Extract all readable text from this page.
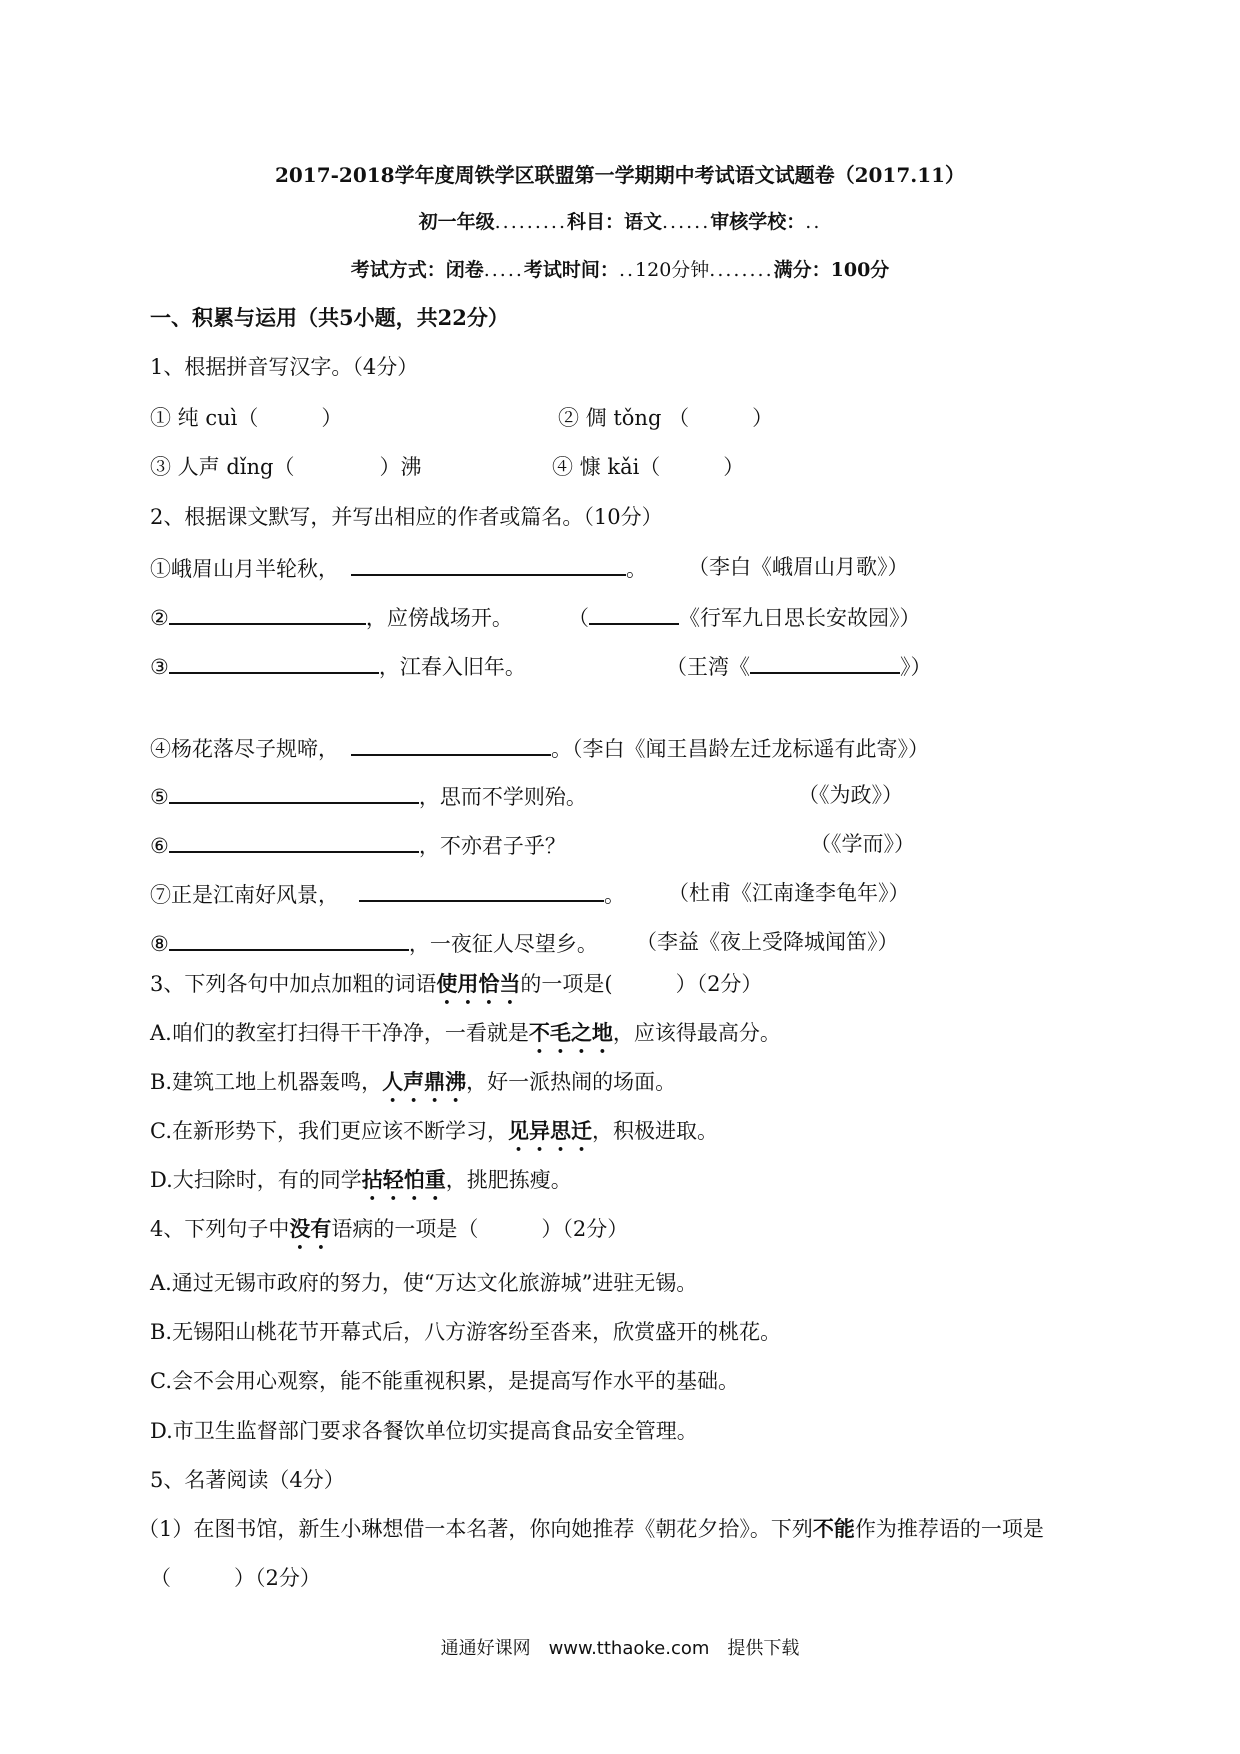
2017-2018学年度周铁学区联盟第一学期期中考试语文试题卷（2017.11）
初一年级.........科目：语文......审核学校：..
考试方式：闭卷.....考试时间：..120分钟........满分：100分
一、积累与运用（共5小题，共22分）
1、根据拼音写汉字。（4分）
① 纯 cuì（　　　）	② 倜 tǒng （　　　）
③ 人声 dǐng（　　　）沸	④ 慷 kǎi（　　　）
2、根据课文默写，并写出相应的作者或篇名。（10分）
①峨眉山月半轮秋，	。 （李白《峨眉山月歌》）
②	，应傍战场开。	（	《行军九日思长安故园》）
③	，江春入旧年。	（王湾《	》）
④杨花落尽子规啼，	。（李白《闻王昌龄左迁龙标遥有此寄》）
⑤	，思而不学则殆。	（《为政》）
⑥	，不亦君子乎？	（《学而》）
⑦正是江南好风景，	。 （杜甫《江南逢李龟年》）
⑧	，一夜征人尽望乡。 （李益《夜上受降城闻笛》）
3、下列各句中加点加粗的词语使用恰当的一项是(　　　）（2分）
A.咱们的教室打扫得干干净净，一看就是不毛之地，应该得最高分。
B.建筑工地上机器轰鸣，人声鼎沸，好一派热闹的场面。
C.在新形势下，我们更应该不断学习，见异思迁，积极进取。
D.大扫除时，有的同学拈轻怕重，挑肥拣瘦。
4、下列句子中没有语病的一项是（　　　）（2分）
A.通过无锡市政府的努力，使“万达文化旅游城”进驻无锡。
B.无锡阳山桃花节开幕式后，八方游客纷至沓来，欣赏盛开的桃花。
C.会不会用心观察，能不能重视积累，是提高写作水平的基础。
D.市卫生监督部门要求各餐饮单位切实提高食品安全管理。
5、名著阅读（4分）
（1）在图书馆，新生小琳想借一本名著，你向她推荐《朝花夕拾》。下列不能作为推荐语的一项是
（　　　）（2分）
通通好课网　www.tthaoke.com　提供下载
